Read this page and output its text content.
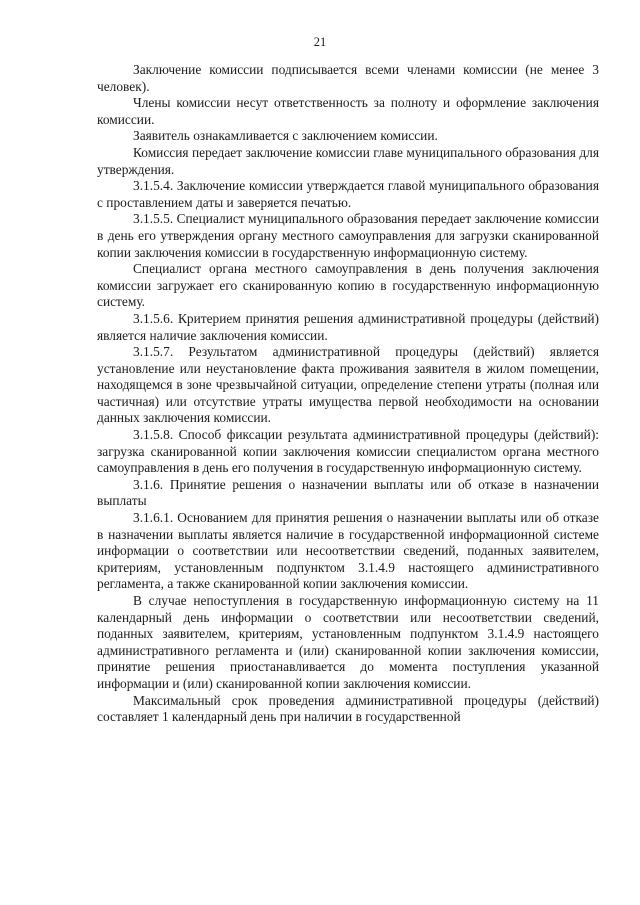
21

Заключение комиссии подписывается всеми членами комиссии (не менее 3 человек).

Члены комиссии несут ответственность за полноту и оформление заключения комиссии.

Заявитель ознакамливается с заключением комиссии.

Комиссия передает заключение комиссии главе муниципального образования для утверждения.

3.1.5.4. Заключение комиссии утверждается главой муниципального образования с проставлением даты и заверяется печатью.

3.1.5.5. Специалист муниципального образования передает заключение комиссии в день его утверждения органу местного самоуправления для загрузки сканированной копии заключения комиссии в государственную информационную систему.

Специалист органа местного самоуправления в день получения заключения комиссии загружает его сканированную копию в государственную информационную систему.

3.1.5.6. Критерием принятия решения административной процедуры (действий) является наличие заключения комиссии.

3.1.5.7. Результатом административной процедуры (действий) является установление или неустановление факта проживания заявителя в жилом помещении, находящемся в зоне чрезвычайной ситуации, определение степени утраты (полная или частичная) или отсутствие утраты имущества первой необходимости на основании данных заключения комиссии.

3.1.5.8. Способ фиксации результата административной процедуры (действий): загрузка сканированной копии заключения комиссии специалистом органа местного самоуправления в день его получения в государственную информационную систему.

3.1.6. Принятие решения о назначении выплаты или об отказе в назначении выплаты

3.1.6.1. Основанием для принятия решения о назначении выплаты или об отказе в назначении выплаты является наличие в государственной информационной системе информации о соответствии или несоответствии сведений, поданных заявителем, критериям, установленным подпунктом 3.1.4.9 настоящего административного регламента, а также сканированной копии заключения комиссии.

В случае непоступления в государственную информационную систему на 11 календарный день информации о соответствии или несоответствии сведений, поданных заявителем, критериям, установленным подпунктом 3.1.4.9 настоящего административного регламента и (или) сканированной копии заключения комиссии, принятие решения приостанавливается до момента поступления указанной информации и (или) сканированной копии заключения комиссии.

Максимальный срок проведения административной процедуры (действий) составляет 1 календарный день при наличии в государственной
